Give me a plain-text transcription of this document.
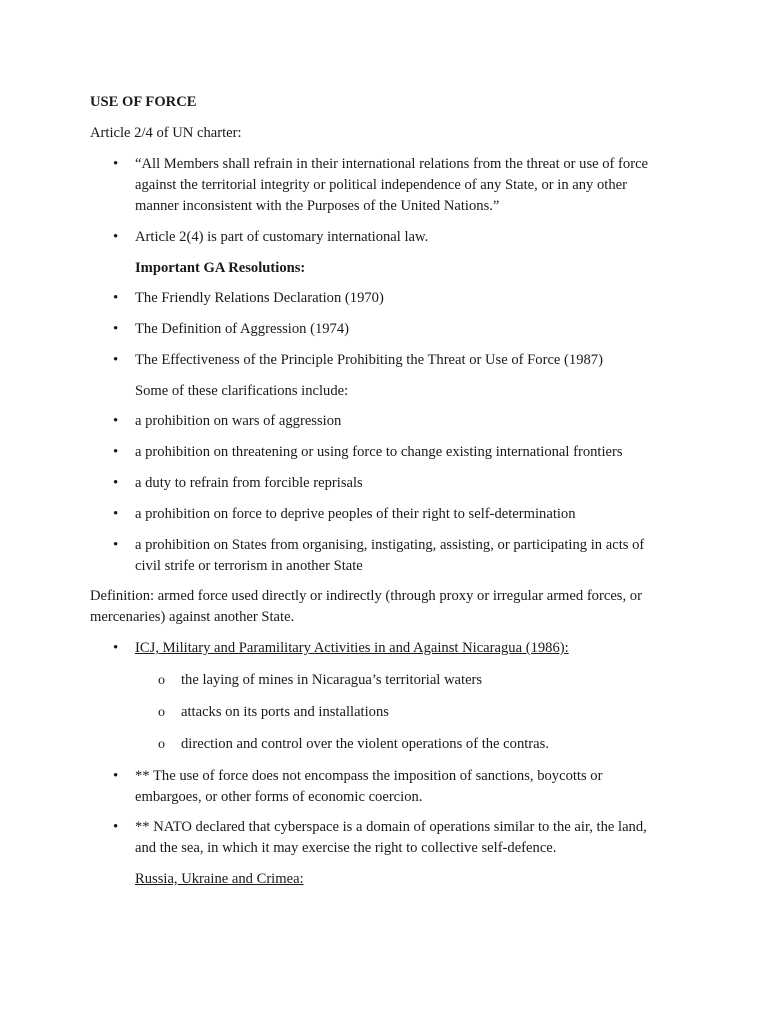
USE OF FORCE
Article 2/4 of UN charter:
• “All Members shall refrain in their international relations from the threat or use of force
against the territorial integrity or political independence of any State, or in any other
manner inconsistent with the Purposes of the United Nations.”
• Article 2(4) is part of customary international law.
Important GA Resolutions:
• The Friendly Relations Declaration (1970)
• The Definition of Aggression (1974)
• The Effectiveness of the Principle Prohibiting the Threat or Use of Force (1987)
Some of these clarifications include:
• a prohibition on wars of aggression
• a prohibition on threatening or using force to change existing international frontiers
• a duty to refrain from forcible reprisals
• a prohibition on force to deprive peoples of their right to self-determination
• a prohibition on States from organising, instigating, assisting, or participating in acts of
civil strife or terrorism in another State
Definition: armed force used directly or indirectly (through proxy or irregular armed forces, or
mercenaries) against another State.
• ICJ, Military and Paramilitary Activities in and Against Nicaragua (1986):
o the laying of mines in Nicaragua’s territorial waters
o attacks on its ports and installations
o direction and control over the violent operations of the contras.
• ** The use of force does not encompass the imposition of sanctions, boycotts or
embargoes, or other forms of economic coercion.
• ** NATO declared that cyberspace is a domain of operations similar to the air, the land,
and the sea, in which it may exercise the right to collective self-defence.
Russia, Ukraine and Crimea:
